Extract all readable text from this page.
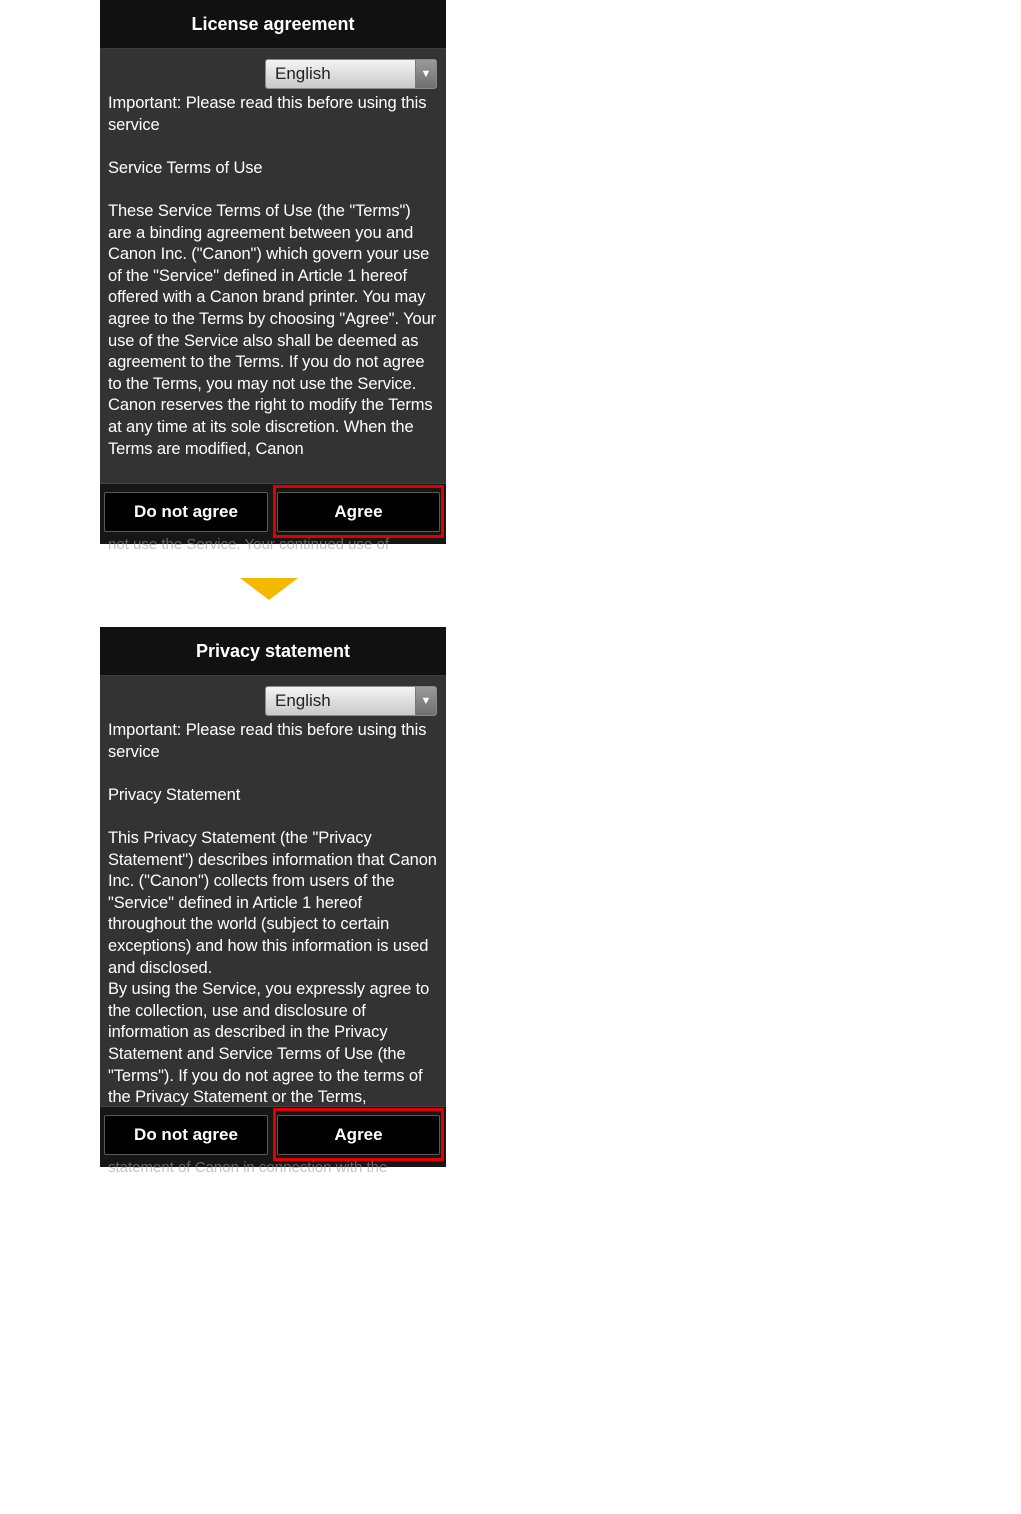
License agreement
English	▼

Important: Please read this before using this service

Service Terms of Use

These Service Terms of Use (the "Terms") are a binding agreement between you and Canon Inc. ("Canon") which govern your use of the "Service" defined in Article 1 hereof offered with a Canon brand printer. You may agree to the Terms by choosing "Agree". Your use of the Service also shall be deemed as agreement to the Terms. If you do not agree to the Terms, you may not use the Service.

Canon reserves the right to modify the Terms at any time at its sole discretion. When the Terms are modified, Canon

Do not agree	Agree
not use the Service. Your continued use of
Privacy statement
English	▼

Important: Please read this before using this service

Privacy Statement

This Privacy Statement (the "Privacy Statement") describes information that Canon Inc. ("Canon") collects from users of the "Service" defined in Article 1 hereof throughout the world (subject to certain exceptions) and how this information is used and disclosed.

By using the Service, you expressly agree to the collection, use and disclosure of information as described in the Privacy Statement and Service Terms of Use (the "Terms"). If you do not agree to the terms of the Privacy Statement or the Terms,

Do not agree	Agree
statement of Canon in connection with the
